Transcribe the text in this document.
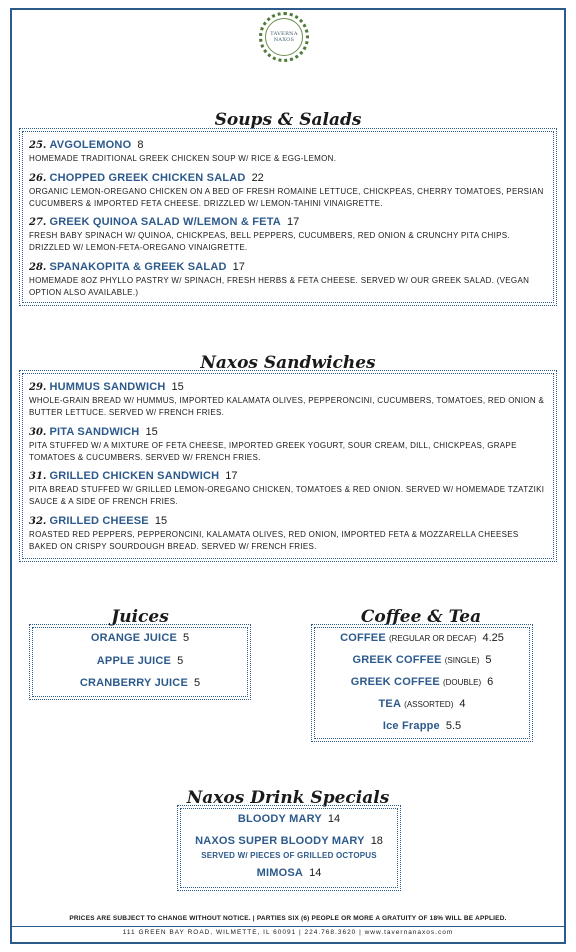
TAVERNA
NAXOS
Soups & Salads
25. AVGOLEMONO 8
HOMEMADE TRADITIONAL GREEK CHICKEN SOUP W/ RICE & EGG-LEMON.
26. CHOPPED GREEK CHICKEN SALAD 22
ORGANIC LEMON-OREGANO CHICKEN ON A BED OF FRESH ROMAINE LETTUCE, CHICKPEAS, CHERRY TOMATOES, PERSIAN CUCUMBERS & IMPORTED FETA CHEESE. DRIZZLED W/ LEMON-TAHINI VINAIGRETTE.
27. GREEK QUINOA SALAD W/LEMON & FETA 17
FRESH BABY SPINACH W/ QUINOA, CHICKPEAS, BELL PEPPERS, CUCUMBERS, RED ONION & CRUNCHY PITA CHIPS. DRIZZLED W/ LEMON-FETA-OREGANO VINAIGRETTE.
28. SPANAKOPITA & GREEK SALAD 17
HOMEMADE 8OZ PHYLLO PASTRY W/ SPINACH, FRESH HERBS & FETA CHEESE. SERVED W/ OUR GREEK SALAD. (VEGAN OPTION ALSO AVAILABLE.)
Naxos Sandwiches
29. HUMMUS SANDWICH 15
WHOLE-GRAIN BREAD W/ HUMMUS, IMPORTED KALAMATA OLIVES, PEPPERONCINI, CUCUMBERS, TOMATOES, RED ONION & BUTTER LETTUCE. SERVED W/ FRENCH FRIES.
30. PITA SANDWICH 15
PITA STUFFED W/ A MIXTURE OF FETA CHEESE, IMPORTED GREEK YOGURT, SOUR CREAM, DILL, CHICKPEAS, GRAPE TOMATOES & CUCUMBERS. SERVED W/ FRENCH FRIES.
31. GRILLED CHICKEN SANDWICH 17
PITA BREAD STUFFED W/ GRILLED LEMON-OREGANO CHICKEN, TOMATOES & RED ONION. SERVED W/ HOMEMADE TZATZIKI SAUCE & A SIDE OF FRENCH FRIES.
32. GRILLED CHEESE 15
ROASTED RED PEPPERS, PEPPERONCINI, KALAMATA OLIVES, RED ONION, IMPORTED FETA & MOZZARELLA CHEESES BAKED ON CRISPY SOURDOUGH BREAD. SERVED W/ FRENCH FRIES.
Juices
ORANGE JUICE 5
APPLE JUICE 5
CRANBERRY JUICE 5
Coffee & Tea
COFFEE (REGULAR OR DECAF) 4.25
GREEK COFFEE (SINGLE) 5
GREEK COFFEE (DOUBLE) 6
TEA (ASSORTED) 4
Ice Frappe 5.5
Naxos Drink Specials
BLOODY MARY 14
NAXOS SUPER BLOODY MARY 18
SERVED W/ PIECES OF GRILLED OCTOPUS
MIMOSA 14
PRICES ARE SUBJECT TO CHANGE WITHOUT NOTICE. | PARTIES SIX (6) PEOPLE OR MORE A GRATUITY OF 18% WILL BE APPLIED.
111 GREEN BAY ROAD, WILMETTE, IL 60091 | 224.768.3620 | www.tavernanaxos.com
